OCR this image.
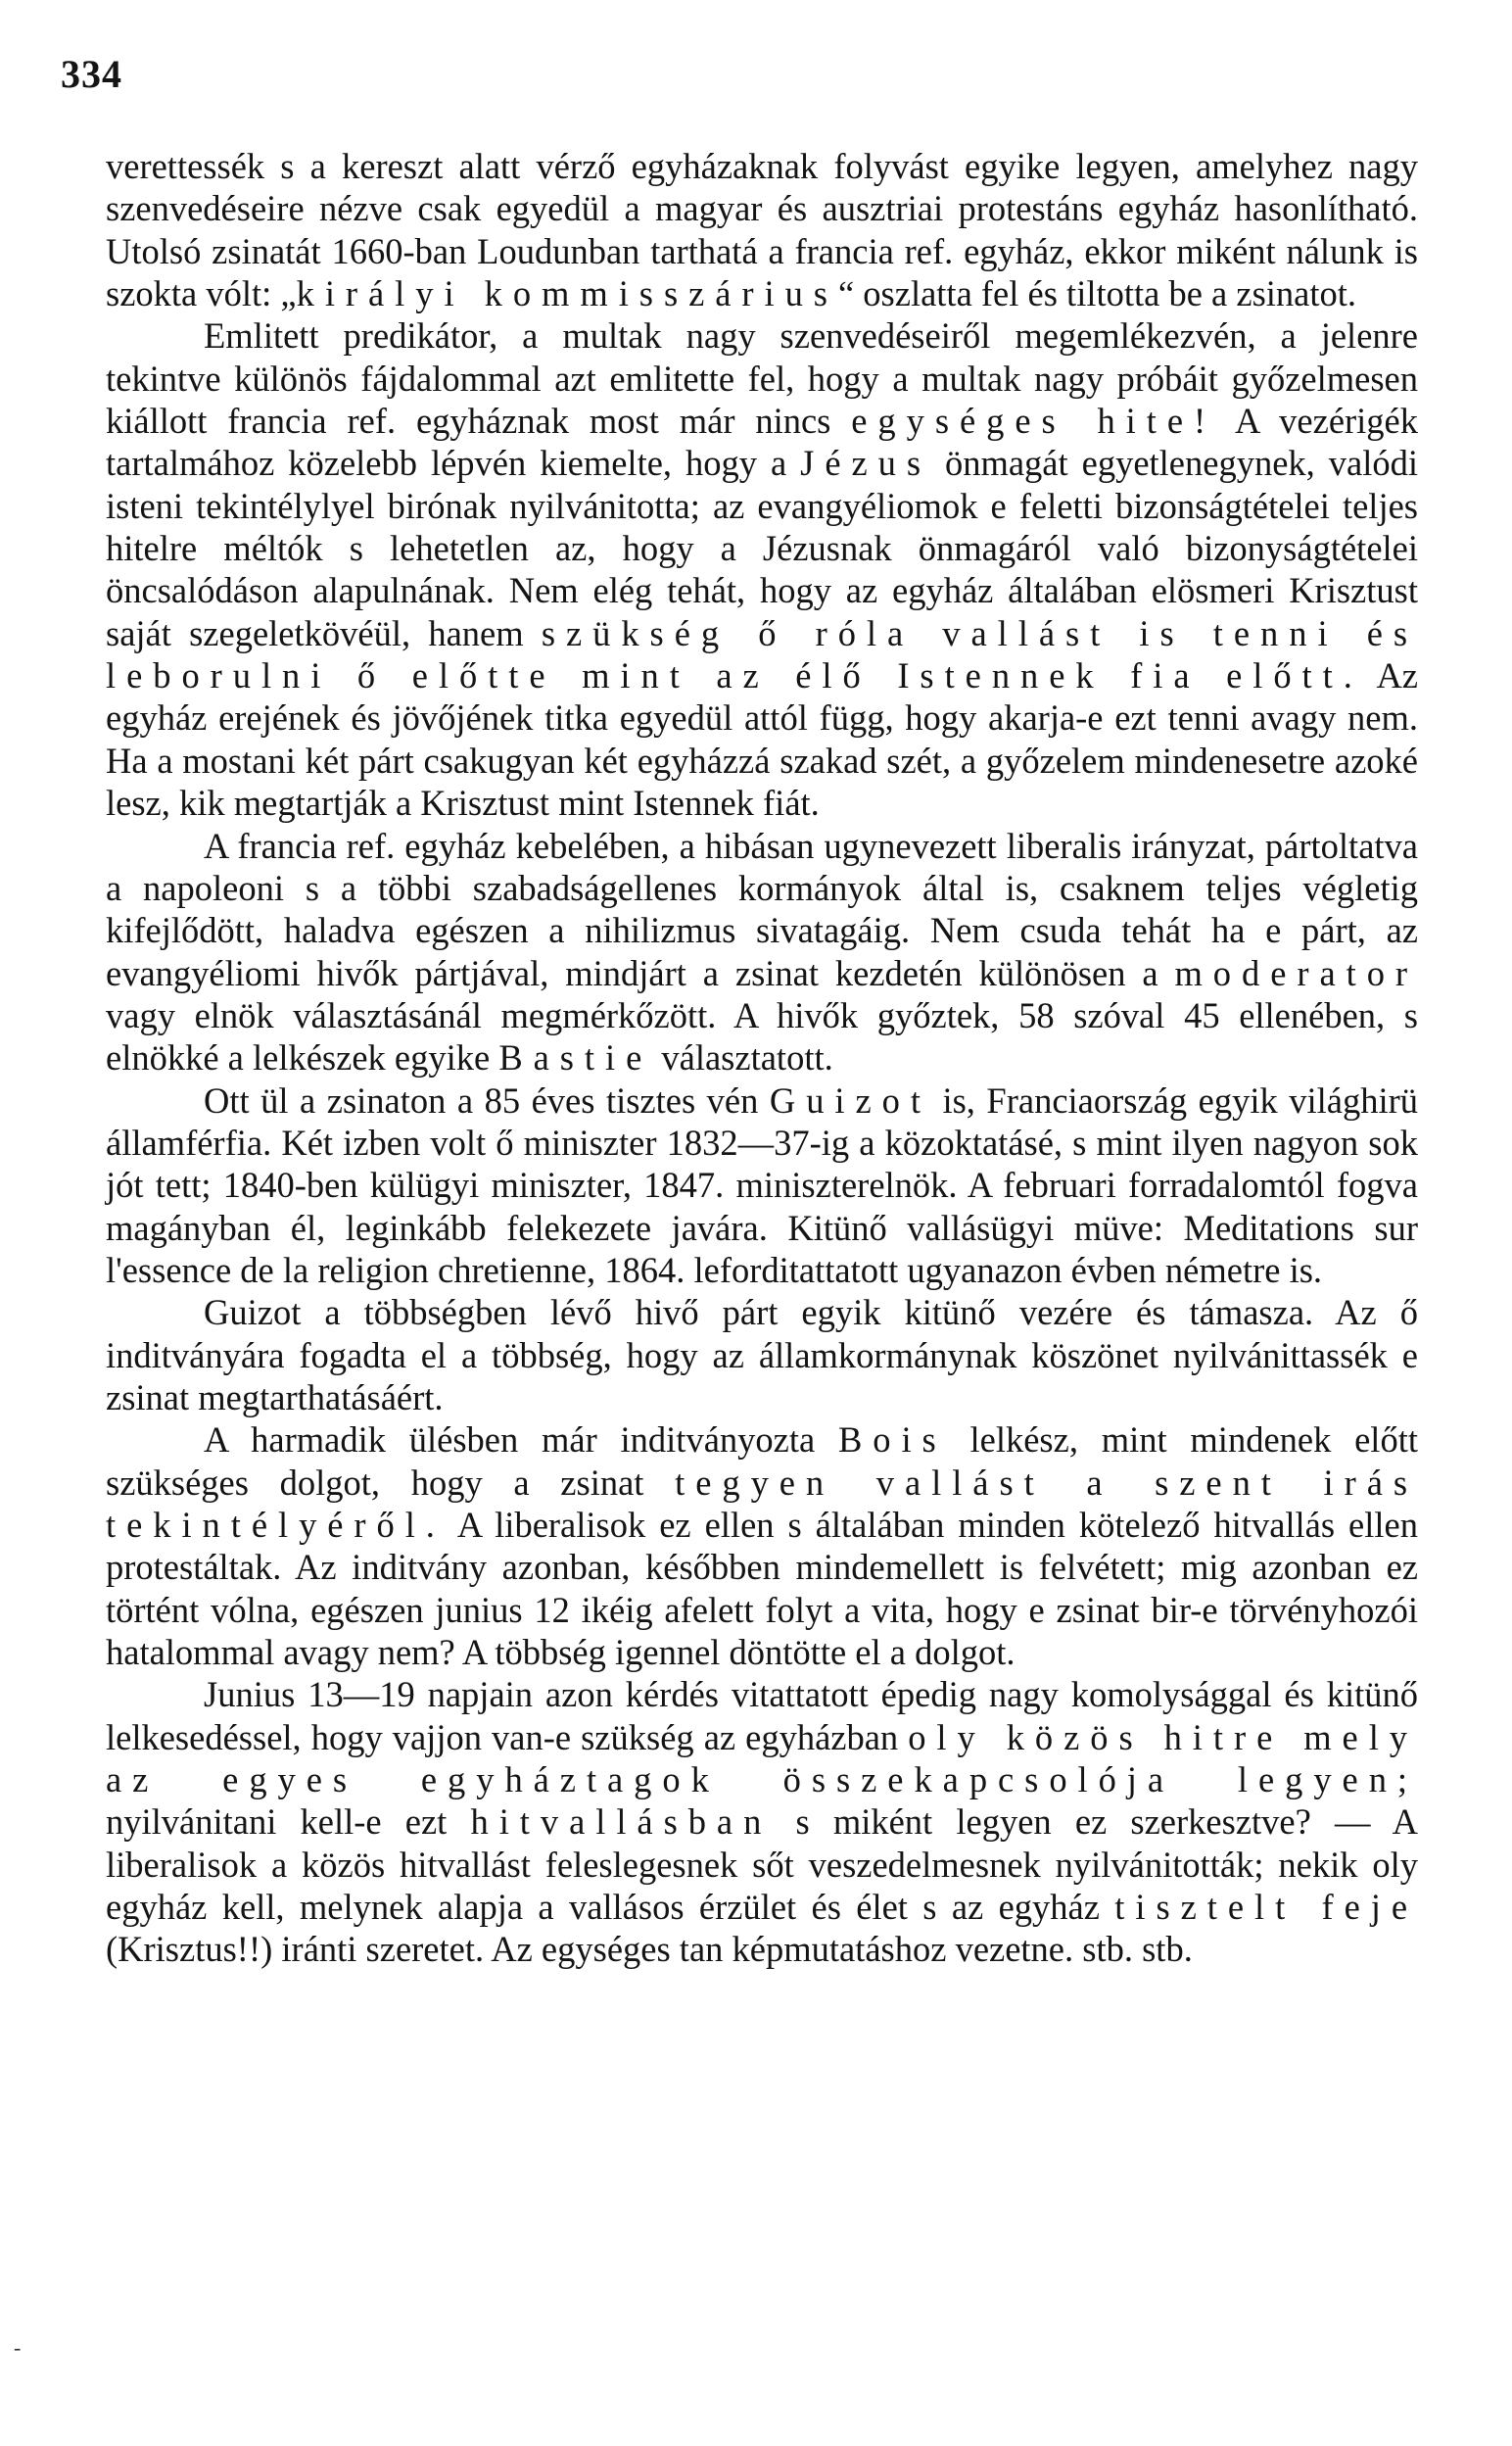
334

verettessék s a kereszt alatt vérző egyházaknak folyvást egyike legyen, amelyhez nagy szenvedéseire nézve csak egyedül a magyar és ausztriai protestáns egyház hasonlítható. Utolsó zsinatát 1660-ban Loudunban tarthatá a francia ref. egyház, ekkor miként nálunk is szokta vólt: „királyi kommisszárius“ oszlatta fel és tiltotta be a zsinatot.

Emlitett predikátor, a multak nagy szenvedéseiről megemlékezvén, a jelenre tekintve különös fájdalommal azt emlitette fel, hogy a multak nagy próbáit győzelmesen kiállott francia ref. egyháznak most már nincs egységes hite! A vezérigék tartalmához közelebb lépvén kiemelte, hogy a Jézus önmagát egyetlenegynek, valódi isteni tekintélylyel birónak nyilvánitotta; az evangyéliomok e feletti bizonságtételei teljes hitelre méltók s lehetetlen az, hogy a Jézusnak önmagáról való bizonyságtételei öncsalódáson alapulnának. Nem elég tehát, hogy az egyház általában elösmeri Krisztust saját szegeletkövéül, hanem szükség ő róla vallást is tenni és leborulni ő előtte mint az élő Istennek fia előtt. Az egyház erejének és jövőjének titka egyedül attól függ, hogy akarja-e ezt tenni avagy nem. Ha a mostani két párt csakugyan két egyházzá szakad szét, a győzelem mindenesetre azoké lesz, kik megtartják a Krisztust mint Istennek fiát.

A francia ref. egyház kebelében, a hibásan ugynevezett liberalis irányzat, pártoltatva a napoleoni s a többi szabadságellenes kormányok által is, csaknem teljes végletig kifejlődött, haladva egészen a nihilizmus sivatagáig. Nem csuda tehát ha e párt, az evangyéliomi hivők pártjával, mindjárt a zsinat kezdetén különösen a moderator vagy elnök választásánál megmérkőzött. A hivők győztek, 58 szóval 45 ellenében, s elnökké a lelkészek egyike Bastie választatott.

Ott ül a zsinaton a 85 éves tisztes vén Guizot is, Franciaország egyik világhirü államférfia. Két izben volt ő miniszter 1832—37-ig a közoktatásé, s mint ilyen nagyon sok jót tett; 1840-ben külügyi miniszter, 1847. miniszterelnök. A februari forradalomtól fogva magányban él, leginkább felekezete javára. Kitünő vallásügyi müve: Meditations sur l'essence de la religion chretienne, 1864. leforditattatott ugyanazon évben németre is.

Guizot a többségben lévő hivő párt egyik kitünő vezére és támasza. Az ő inditványára fogadta el a többség, hogy az államkormánynak köszönet nyilvánittassék e zsinat megtarthatásáért.

A harmadik ülésben már inditványozta Bois lelkész, mint mindenek előtt szükséges dolgot, hogy a zsinat tegyen vallást a szent irás tekintélyéről. A liberalisok ez ellen s általában minden kötelező hitvallás ellen protestáltak. Az inditvány azonban, későbben mindemellett is felvétett; mig azonban ez történt vólna, egészen junius 12 ikéig afelett folyt a vita, hogy e zsinat bir-e törvényhozói hatalommal avagy nem? A többség igennel döntötte el a dolgot.

Junius 13—19 napjain azon kérdés vitattatott épedig nagy komolysággal és kitünő lelkesedéssel, hogy vajjon van-e szükség az egyházban oly közös hitre mely az egyes egyháztagok összekapcsolója legyen; nyilvánitani kell-e ezt hitvallásban s miként legyen ez szerkesztve? — A liberalisok a közös hitvallást feleslegesnek sőt veszedelmesnek nyilvánitották; nekik oly egyház kell, melynek alapja a vallásos érzület és élet s az egyház tisztelt feje (Krisztus!!) iránti szeretet. Az egységes tan képmutatáshoz vezetne. stb. stb.

-
